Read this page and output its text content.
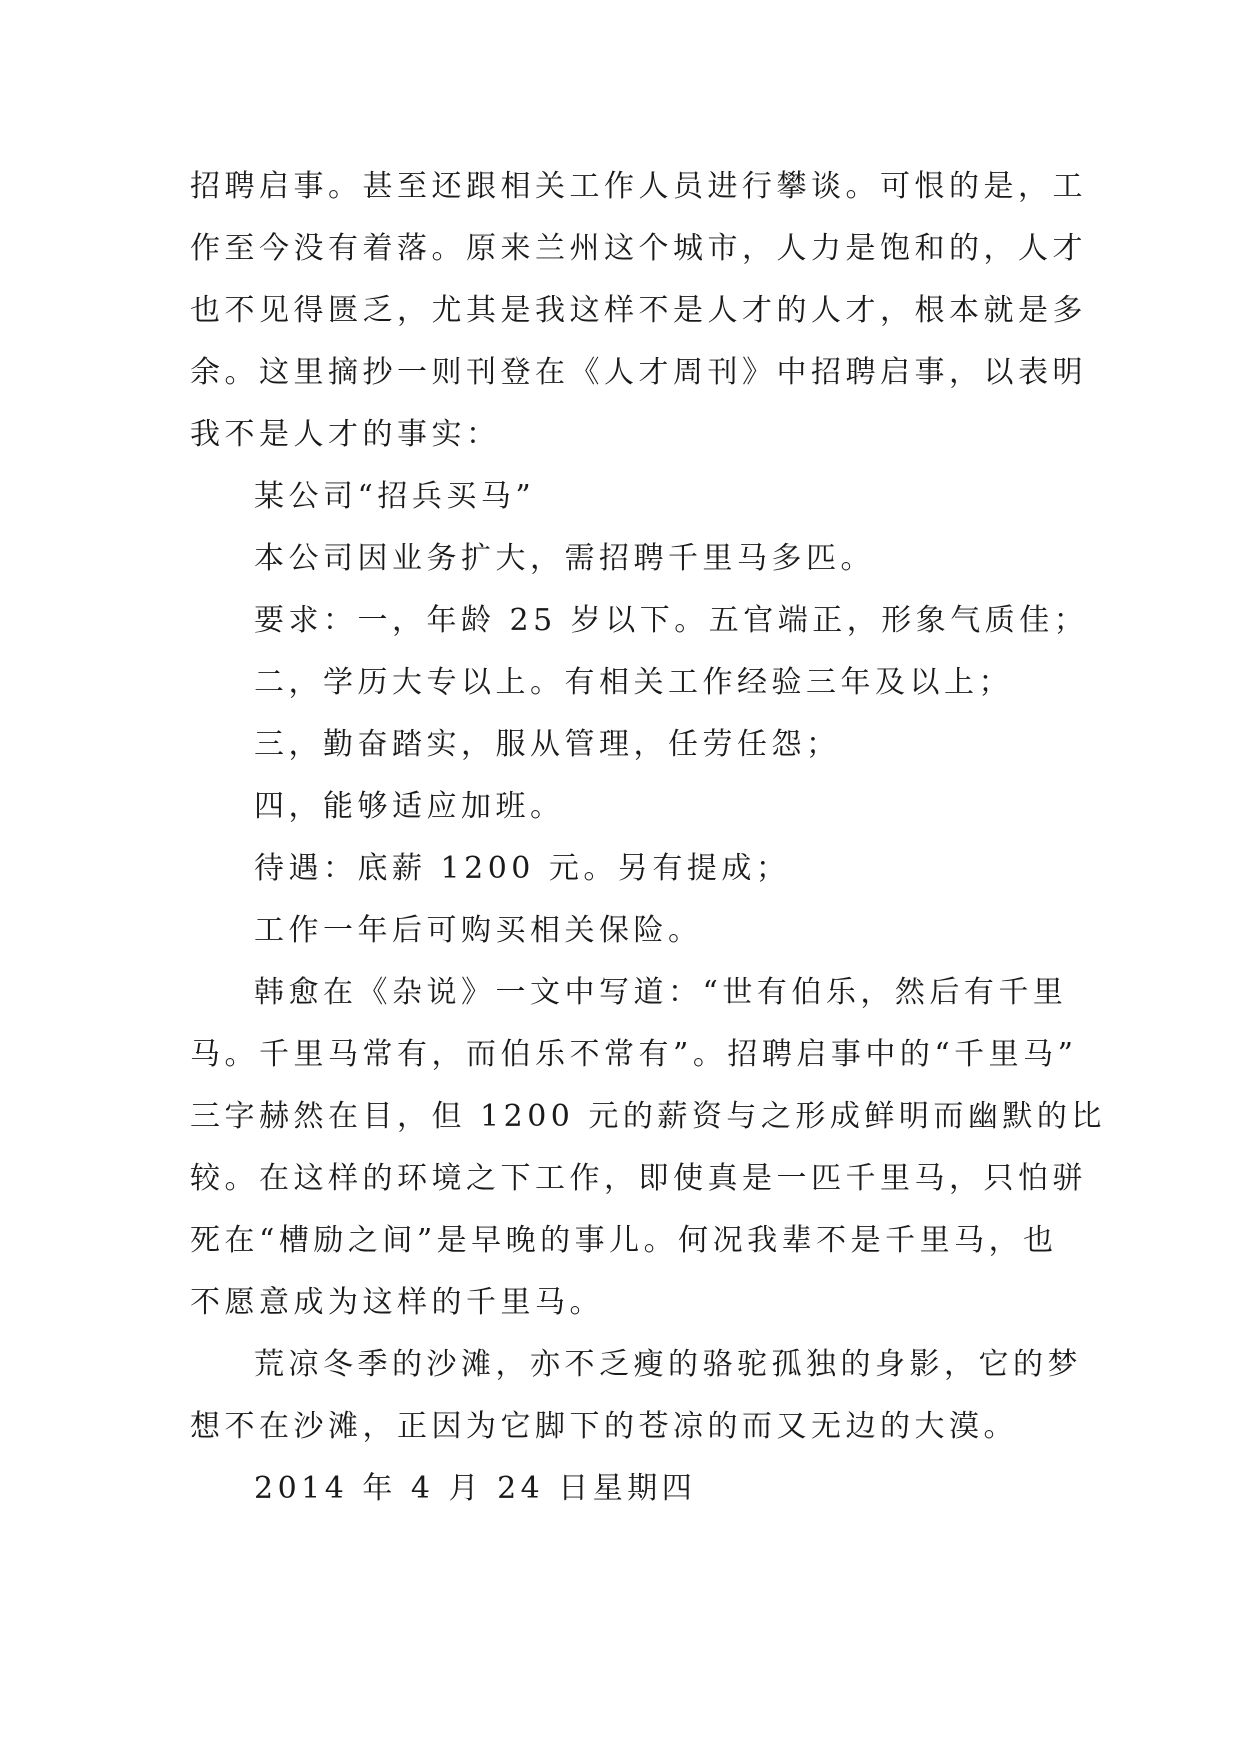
招聘启事。甚至还跟相关工作人员进行攀谈。可恨的是，工
作至今没有着落。原来兰州这个城市，人力是饱和的，人才
也不见得匮乏，尤其是我这样不是人才的人才，根本就是多
余。这里摘抄一则刊登在《人才周刊》中招聘启事，以表明
我不是人才的事实：
某公司“招兵买马”
本公司因业务扩大，需招聘千里马多匹。
要求：一，年龄 25 岁以下。五官端正，形象气质佳；
二，学历大专以上。有相关工作经验三年及以上；
三，勤奋踏实，服从管理，任劳任怨；
四，能够适应加班。
待遇：底薪 1200 元。另有提成；
工作一年后可购买相关保险。
韩愈在《杂说》一文中写道：“世有伯乐，然后有千里
马。千里马常有，而伯乐不常有”。招聘启事中的“千里马”
三字赫然在目，但 1200 元的薪资与之形成鲜明而幽默的比
较。在这样的环境之下工作，即使真是一匹千里马，只怕骈
死在“槽励之间”是早晚的事儿。何况我辈不是千里马，也
不愿意成为这样的千里马。
荒凉冬季的沙滩，亦不乏瘦的骆驼孤独的身影，它的梦
想不在沙滩，正因为它脚下的苍凉的而又无边的大漠。
2014 年 4 月 24 日星期四
